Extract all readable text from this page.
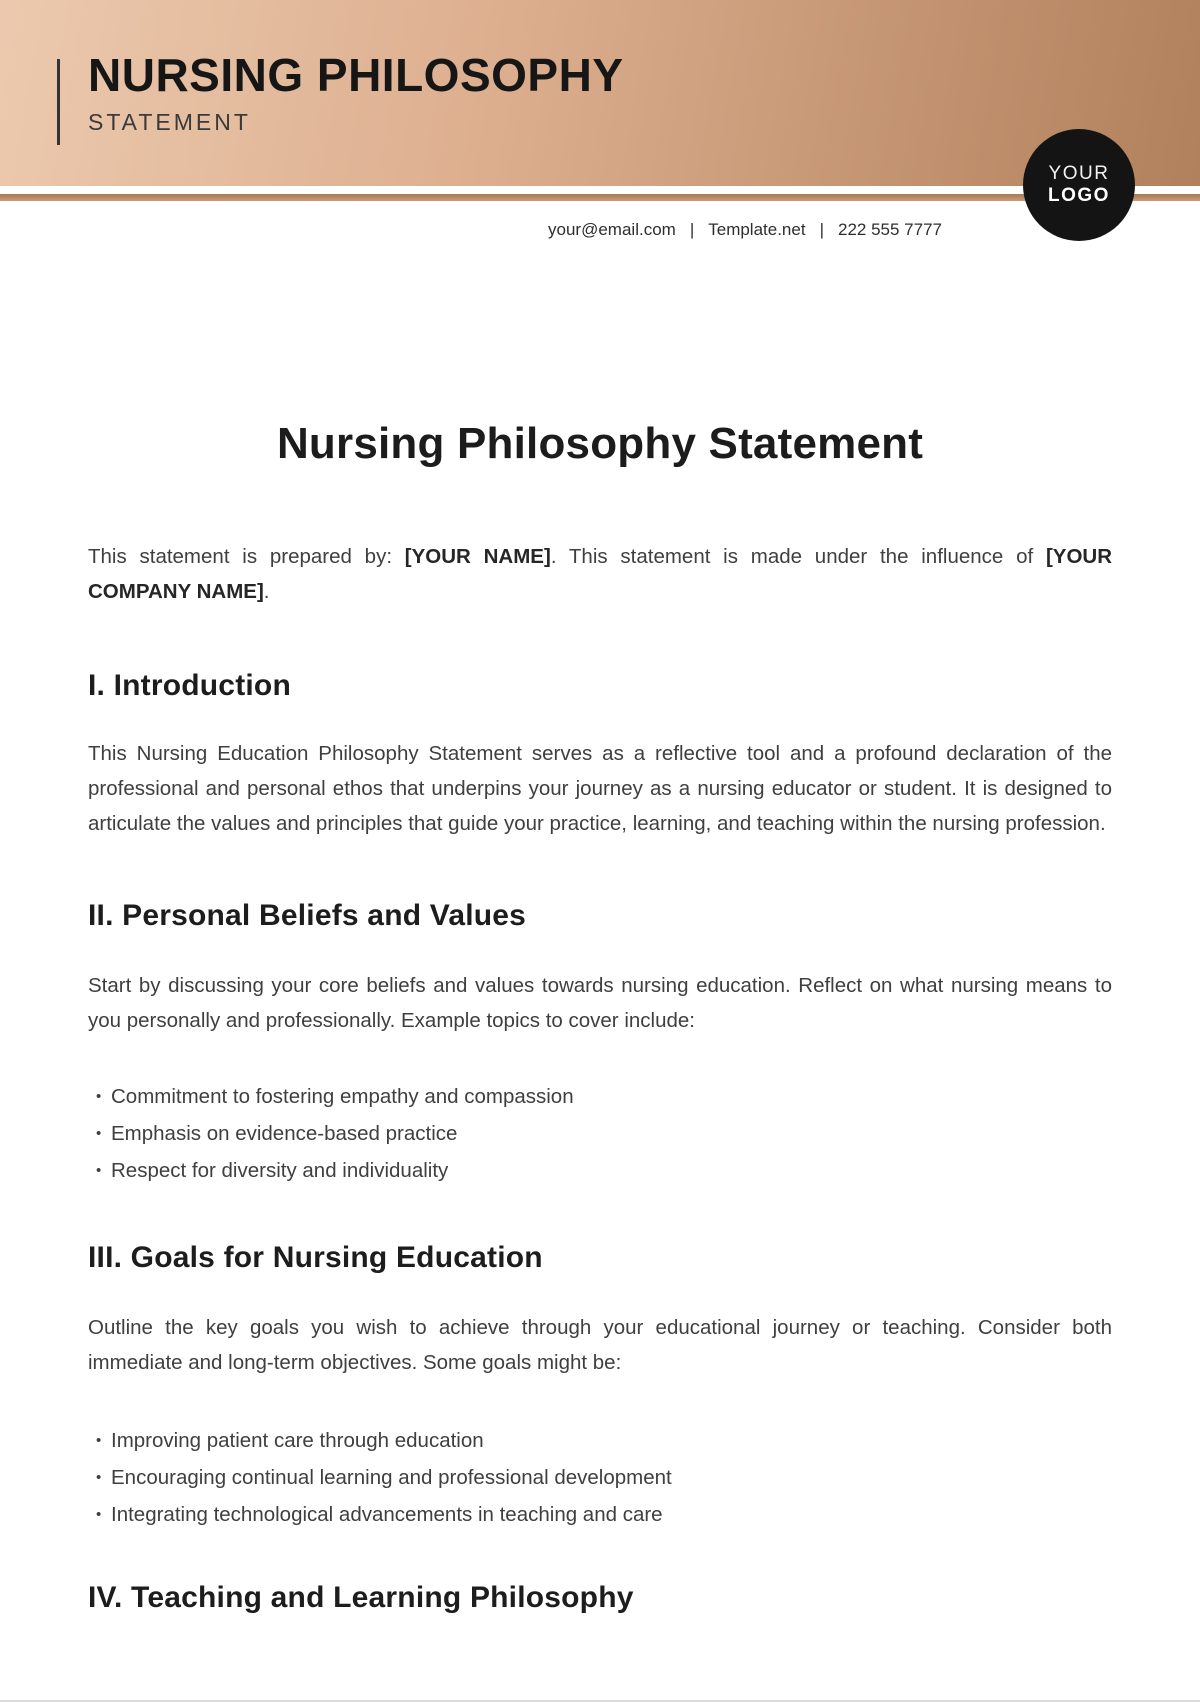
NURSING PHILOSOPHY
STATEMENT
YOUR
LOGO
your@email.com | Template.net | 222 555 7777
Nursing Philosophy Statement

This statement is prepared by: [YOUR NAME]. This statement is made under the influence of [YOUR COMPANY NAME].

I. Introduction

This Nursing Education Philosophy Statement serves as a reflective tool and a profound declaration of the professional and personal ethos that underpins your journey as a nursing educator or student. It is designed to articulate the values and principles that guide your practice, learning, and teaching within the nursing profession.

II. Personal Beliefs and Values

Start by discussing your core beliefs and values towards nursing education. Reflect on what nursing means to you personally and professionally. Example topics to cover include:

• Commitment to fostering empathy and compassion
• Emphasis on evidence-based practice
• Respect for diversity and individuality
III. Goals for Nursing Education

Outline the key goals you wish to achieve through your educational journey or teaching. Consider both immediate and long-term objectives. Some goals might be:

• Improving patient care through education
• Encouraging continual learning and professional development
• Integrating technological advancements in teaching and care
IV. Teaching and Learning Philosophy
